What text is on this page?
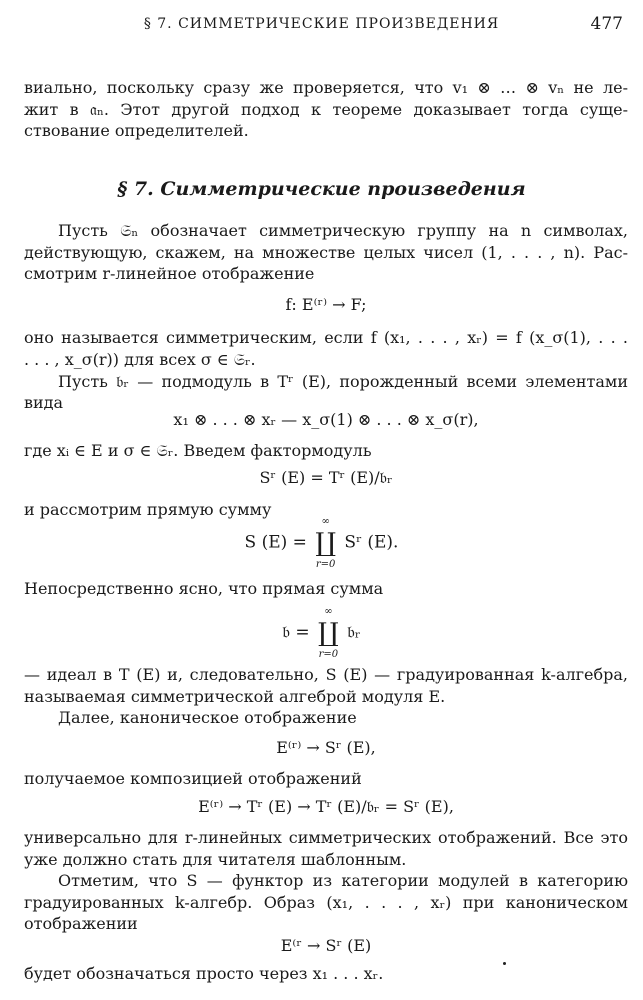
§ 7. СИММЕТРИЧЕСКИЕ ПРОИЗВЕДЕНИЯ	477
виально, поскольку сразу же проверяется, что v₁ ⊗ … ⊗ vₙ не ле-
жит в 𝔞ₙ. Этот другой подход к теореме доказывает тогда суще-
ствование определителей.
§ 7. Симметрические произведения
Пусть 𝔖ₙ обозначает симметрическую группу на n символах,
действующую, скажем, на множестве целых чисел (1, . . . , n). Рас-
смотрим r-линейное отображение
f: E⁽ʳ⁾ → F;
оно называется симметрическим, если f (x₁, . . . , xᵣ) = f (x_σ(1), . . .
. . . , x_σ(r)) для всех σ ∈ 𝔖ᵣ.
Пусть 𝔟ᵣ — подмодуль в Tʳ (E), порожденный всеми элементами
вида
x₁ ⊗ . . . ⊗ xᵣ — x_σ(1) ⊗ . . . ⊗ x_σ(r),
где xᵢ ∈ E и σ ∈ 𝔖ᵣ. Введем фактормодуль
Sʳ (E) = Tʳ (E)/𝔟ᵣ
и рассмотрим прямую сумму
S (E) =
∞
∐
r=0
Sʳ (E).
Непосредственно ясно, что прямая сумма
𝔟 =
∞
∐
r=0
𝔟ᵣ
— идеал в T (E) и, следовательно, S (E) — градуированная k-алгебра,
называемая симметрической алгеброй модуля E.
Далее, каноническое отображение
E⁽ʳ⁾ → Sʳ (E),
получаемое композицией отображений
E⁽ʳ⁾ → Tʳ (E) → Tʳ (E)/𝔟ᵣ = Sʳ (E),
универсально для r-линейных симметрических отображений. Все это
уже должно стать для читателя шаблонным.
Отметим, что S — функтор из категории модулей в категорию
градуированных k-алгебр. Образ (x₁, . . . , xᵣ) при каноническом
отображении
E⁽ʳ → Sʳ (E)
будет обозначаться просто через x₁ . . . xᵣ.
